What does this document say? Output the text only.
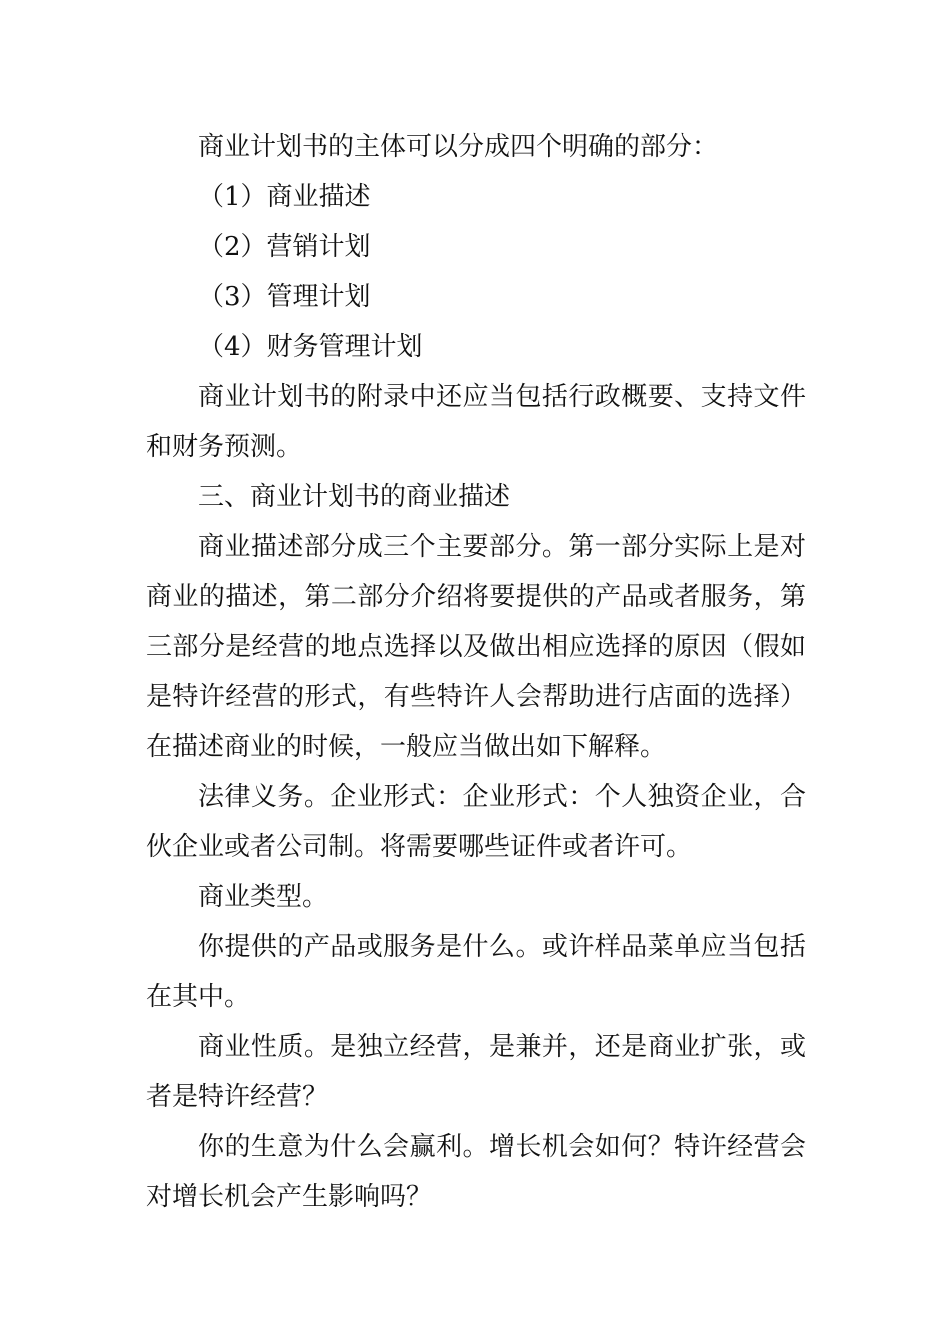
商业计划书的主体可以分成四个明确的部分：

（1）商业描述

（2）营销计划

（3）管理计划

（4）财务管理计划

商业计划书的附录中还应当包括行政概要、支持文件和财务预测。

三、商业计划书的商业描述

商业描述部分成三个主要部分。第一部分实际上是对商业的描述，第二部分介绍将要提供的产品或者服务，第三部分是经营的地点选择以及做出相应选择的原因（假如是特许经营的形式，有些特许人会帮助进行店面的选择）在描述商业的时候，一般应当做出如下解释。

法律义务。企业形式：企业形式：个人独资企业，合伙企业或者公司制。将需要哪些证件或者许可。

商业类型。

你提供的产品或服务是什么。或许样品菜单应当包括在其中。

商业性质。是独立经营，是兼并，还是商业扩张，或者是特许经营？

你的生意为什么会赢利。增长机会如何？特许经营会对增长机会产生影响吗？
